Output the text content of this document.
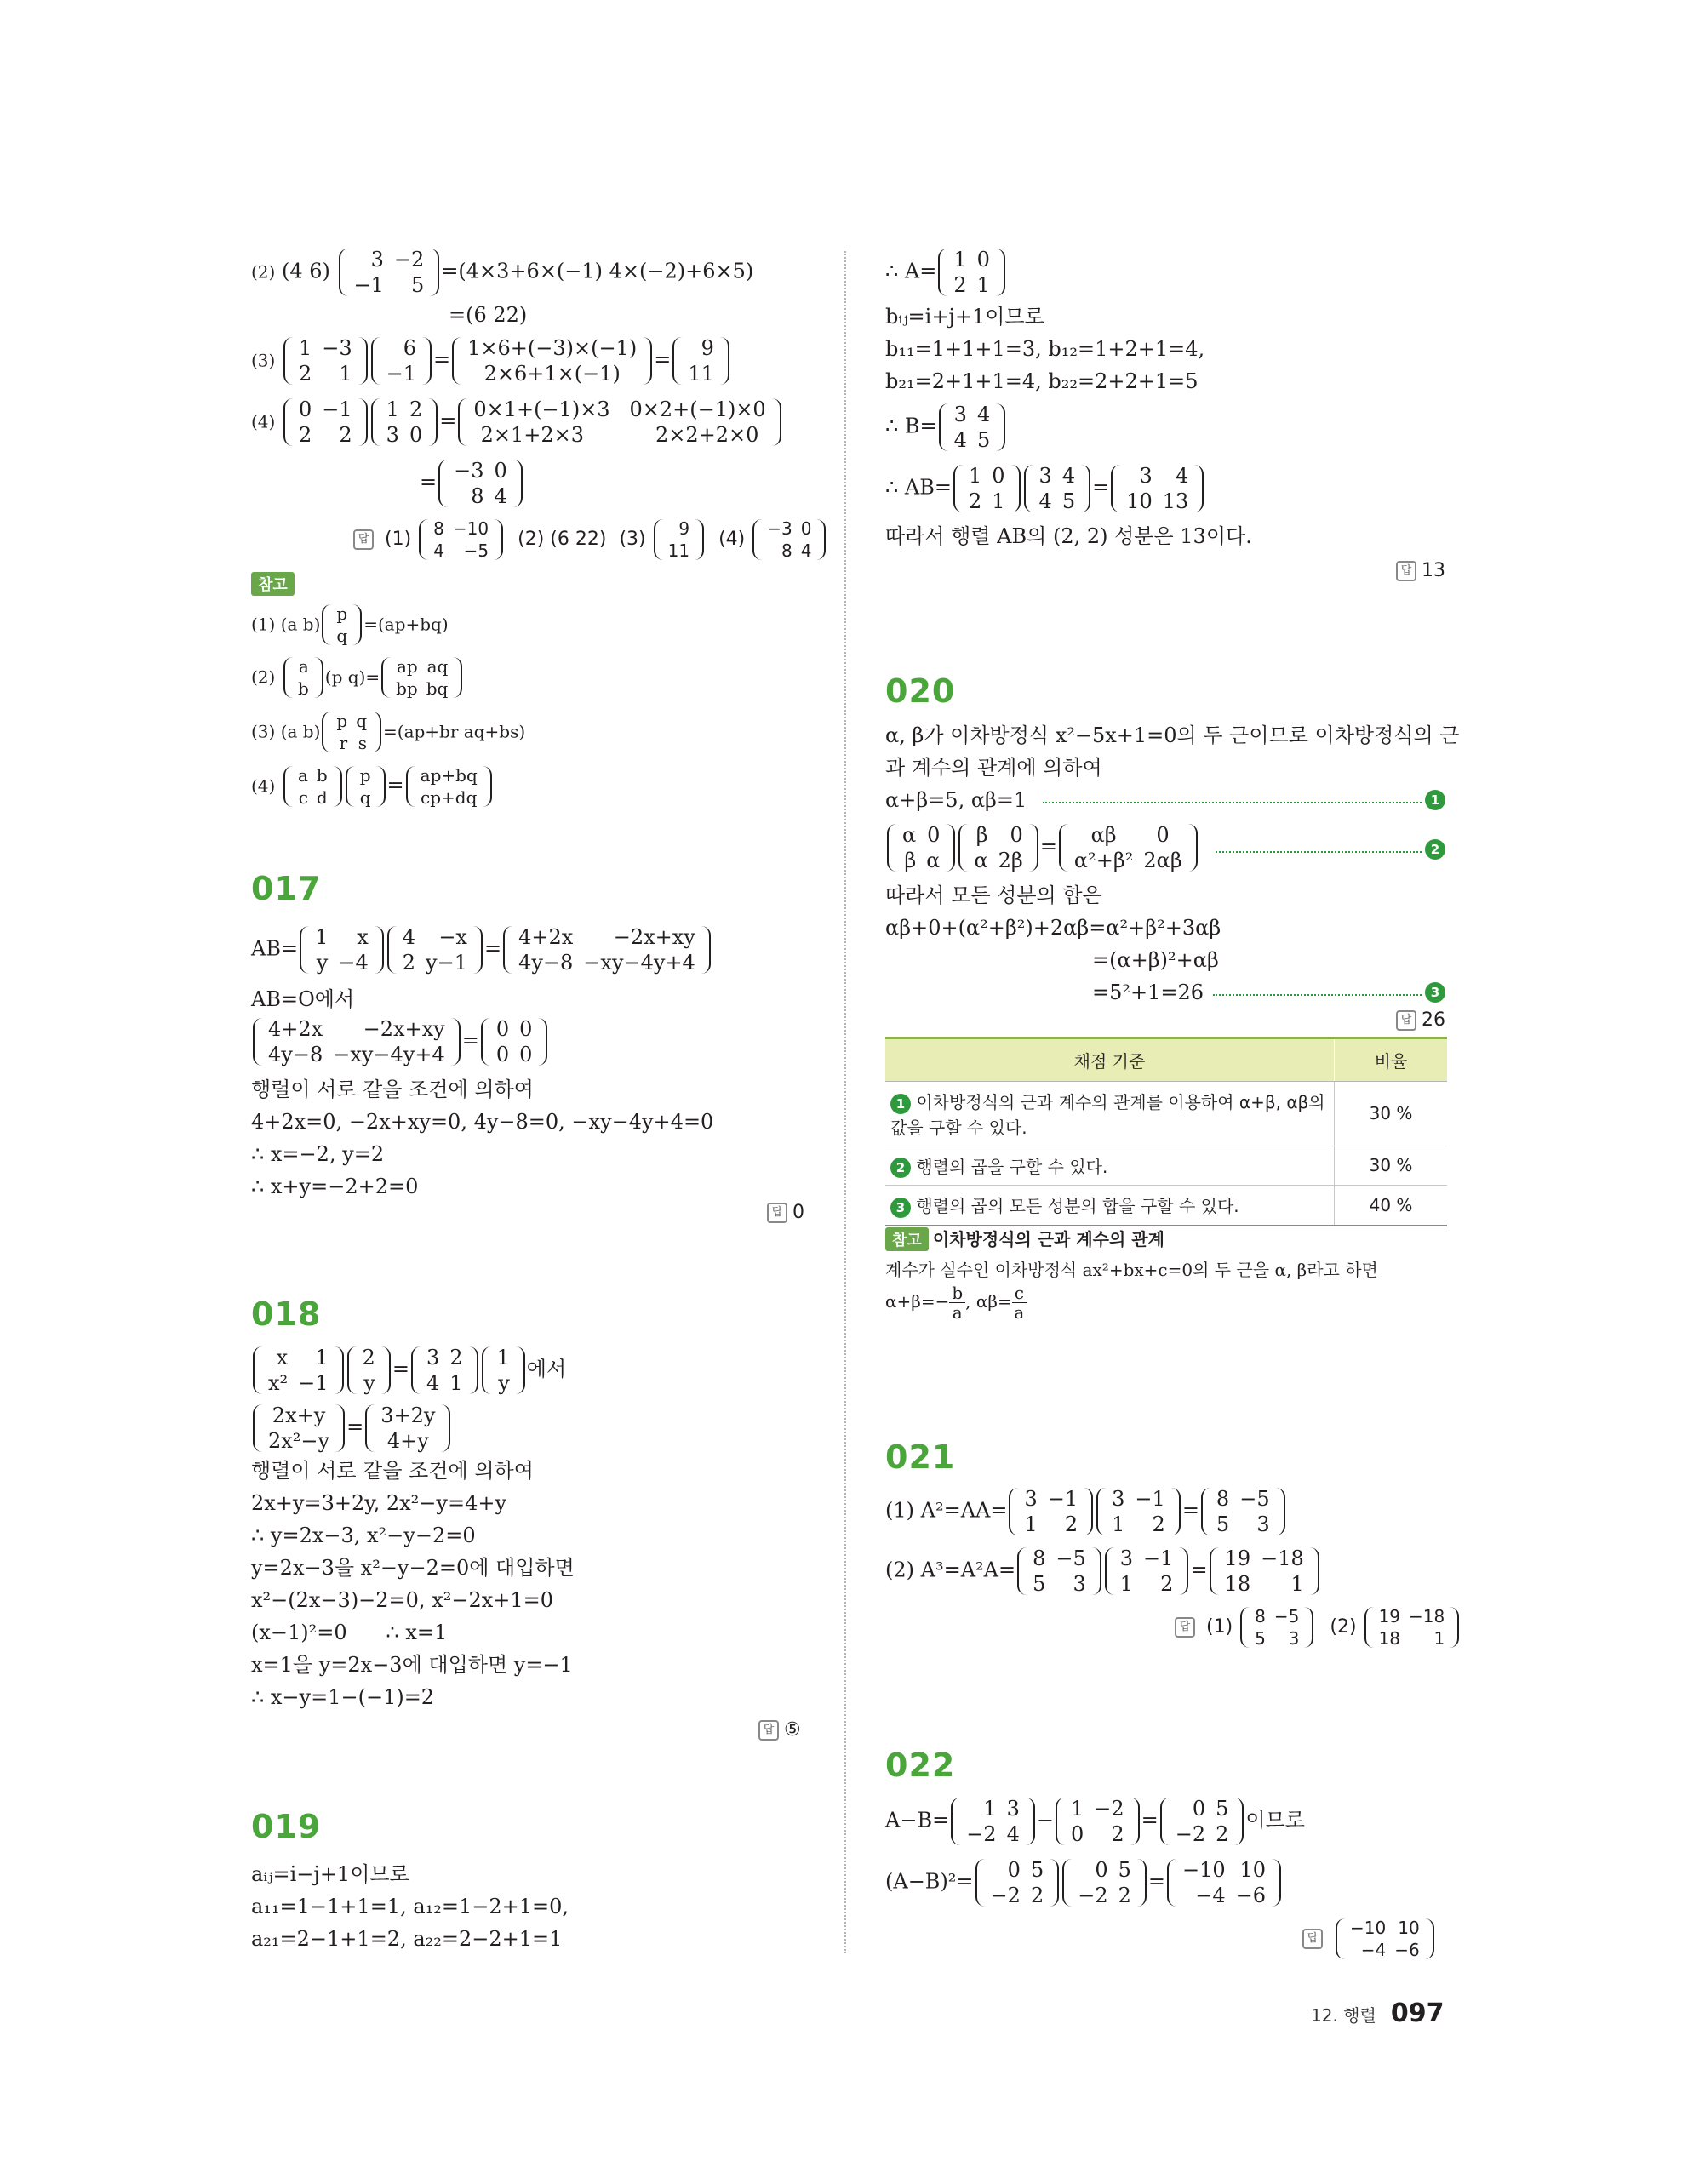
(2) (4 6) 3	−2
−1	5
=(4×3+6×(−1) 4×(−2)+6×5)
=(6 22)
(3)
1	−3
2	1
6
−1
= 1×6+(−3)×(−1)
2×6+1×(−1)
= 9
11
(4)
0	−1
2	2
1	2
3	0
= 0×1+(−1)×3   0×2+(−1)×0
2×1+2×3           2×2+2×0
= −3	0
8	4
답 (1) 8	−10
4	−5
(2) (6 22) (3) 9
11
(4) −3	0
8	4
참고
(1) (a b)
p
q
=(ap+bq)
(2)
a
b
(p q)=
ap	aq
bp	bq
(3) (a b)
p	q
r	s
=(ap+br aq+bs)
(4)
a	b
c	d
p
q
= ap+bq
cp+dq
017
AB= 1	x
y	−4
4	−x
2	y−1
= 4+2x	−2x+xy
4y−8	−xy−4y+4
AB=O에서
4+2x	−2x+xy
4y−8	−xy−4y+4
= 0	0
0	0
행렬이 서로 같을 조건에 의하여
4+2x=0, −2x+xy=0, 4y−8=0, −xy−4y+4=0
∴ x=−2, y=2
∴ x+y=−2+2=0
답 0
018
x	1
x²	−1
2
y
= 3	2
4	1
1
y
에서
2x+y
2x²−y
= 3+2y
4+y
행렬이 서로 같을 조건에 의하여
2x+y=3+2y, 2x²−y=4+y
∴ y=2x−3, x²−y−2=0
y=2x−3을 x²−y−2=0에 대입하면
x²−(2x−3)−2=0, x²−2x+1=0
(x−1)²=0      ∴ x=1
x=1을 y=2x−3에 대입하면 y=−1
∴ x−y=1−(−1)=2
답 ⑤
019
aᵢⱼ=i−j+1이므로
a₁₁=1−1+1=1, a₁₂=1−2+1=0,
a₂₁=2−1+1=2, a₂₂=2−2+1=1
∴ A= 1	0
2	1
bᵢⱼ=i+j+1이므로
b₁₁=1+1+1=3, b₁₂=1+2+1=4,
b₂₁=2+1+1=4, b₂₂=2+2+1=5
∴ B= 3	4
4	5
∴ AB= 1	0
2	1
3	4
4	5
= 3	4
10	13
따라서 행렬 AB의 (2, 2) 성분은 13이다.
답 13
020
α, β가 이차방정식 x²−5x+1=0의 두 근이므로 이차방정식의 근
과 계수의 관계에 의하여
α+β=5, αβ=1	1
α	0
β	α
β	0
α	2β
= αβ	0
α²+β²	2αβ	2
따라서 모든 성분의 합은
αβ+0+(α²+β²)+2αβ=α²+β²+3αβ
=(α+β)²+αβ
=5²+1=26	3
답 26
채점 기준	비율
1 이차방정식의 근과 계수의 관계를 이용하여 α+β, αβ의 값을 구할 수 있다.	30 %
2 행렬의 곱을 구할 수 있다.	30 %
3 행렬의 곱의 모든 성분의 합을 구할 수 있다.	40 %
참고 이차방정식의 근과 계수의 관계
계수가 실수인 이차방정식 ax²+bx+c=0의 두 근을 α, β라고 하면
$\alpha+\beta=- \frac{b}{a}$ , $\alpha\beta= \frac{c}{a}$
021
(1) A²=AA= 3	−1
1	2
3	−1
1	2
= 8	−5
5	3
(2) A³=A²A= 8	−5
5	3
3	−1
1	2
= 19	−18
18	1
답 (1) 8	−5
5	3
(2) 19	−18
18	1
022
A−B= 1	3
−2	4
− 1	−2
0	2
= 0	5
−2	2
이므로
(A−B)²= 0	5
−2	2
0	5
−2	2
= −10	10
−4	−6
답
−10	10
−4	−6
12. 행렬 097
